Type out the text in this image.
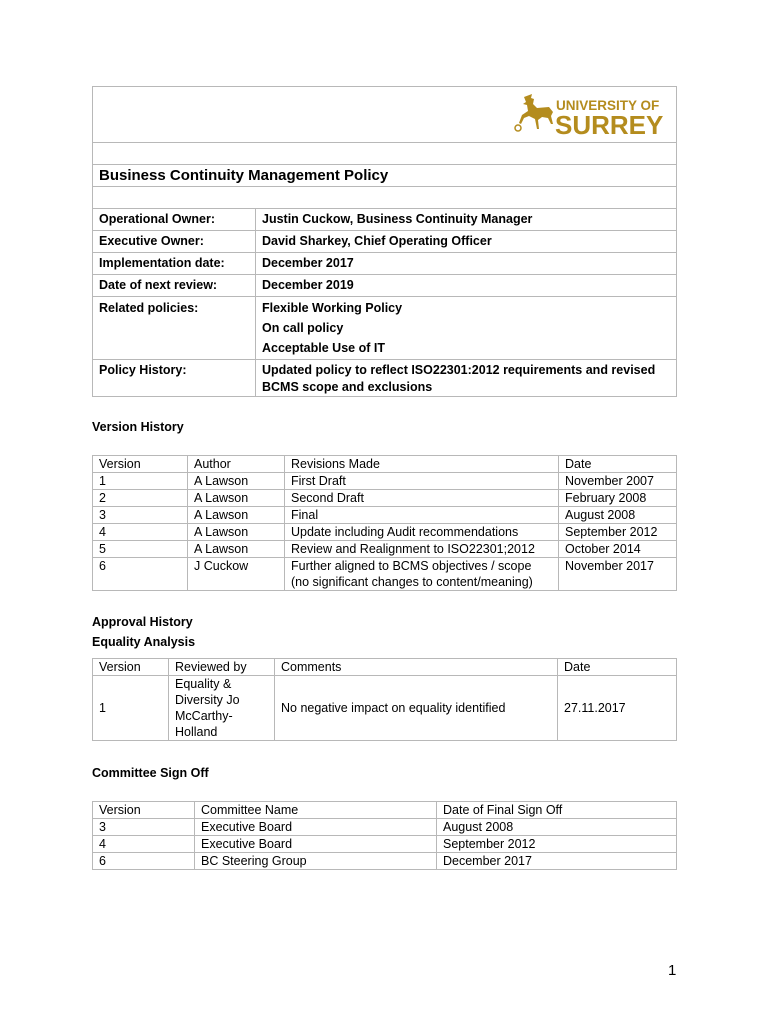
UNIVERSITY OF
SURREY	

Business Continuity Management Policy	

Operational Owner:	Justin Cuckow, Business Continuity Manager
Executive Owner:	David Sharkey, Chief Operating Officer
Implementation date:	December 2017
Date of next review:	December 2019
Related policies:	Flexible Working Policy
On call policy
Acceptable Use of IT

Policy History:	Updated policy to reflect ISO22301:2012 requirements and revised
BCMS scope and exclusions
Version History
Version	Author	Revisions Made	Date
1	A Lawson	First Draft	November 2007
2	A Lawson	Second Draft	February 2008
3	A Lawson	Final	August 2008
4	A Lawson	Update including Audit recommendations	September 2012
5	A Lawson	Review and Realignment to ISO22301;2012	October 2014
6	J Cuckow	Further aligned to BCMS objectives / scope
(no significant changes to content/meaning)	November 2017
Approval History
Equality Analysis
Version	Reviewed by	Comments	Date
1	Equality &
Diversity Jo
McCarthy-
Holland	No negative impact on equality identified	27.11.2017
Committee Sign Off
Version	Committee Name	Date of Final Sign Off
3	Executive Board	August 2008
4	Executive Board	September 2012
6	BC Steering Group	December 2017
1
